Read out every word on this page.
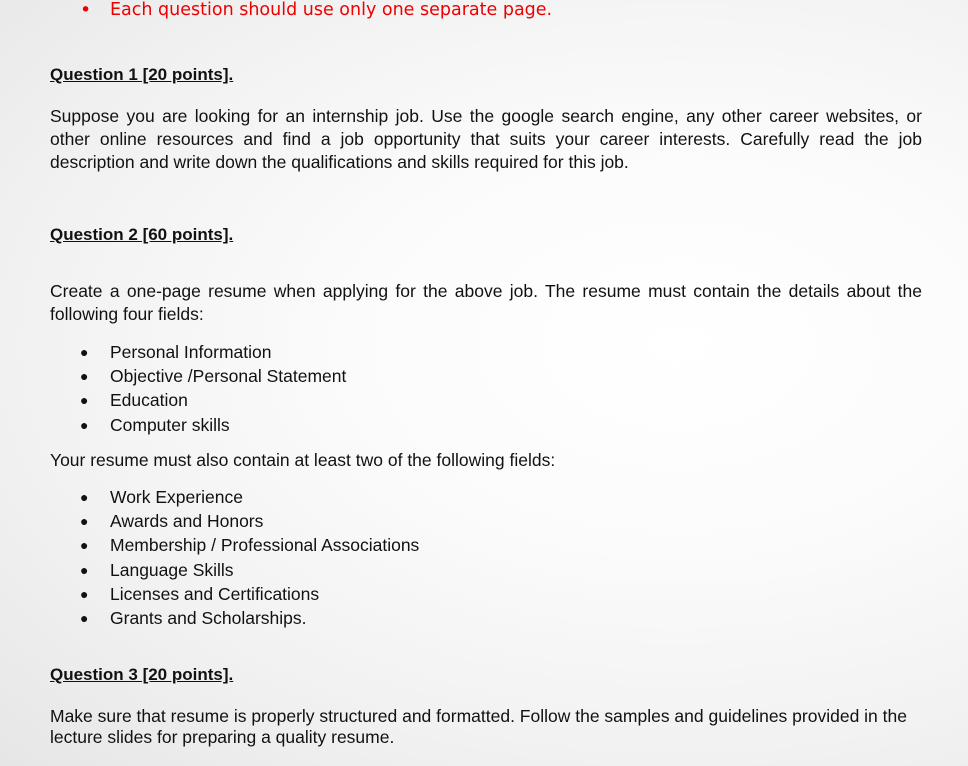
• Each question should use only one separate page.
Question 1 [20 points].
Suppose you are looking for an internship job. Use the google search engine, any other career websites, or other online resources and find a job opportunity that suits your career interests. Carefully read the job description and write down the qualifications and skills required for this job.
Question 2 [60 points].
Create a one-page resume when applying for the above job. The resume must contain the details about the following four fields:
● Personal Information
● Objective /Personal Statement
● Education
● Computer skills
Your resume must also contain at least two of the following fields:
● Work Experience
● Awards and Honors
● Membership / Professional Associations
● Language Skills
● Licenses and Certifications
● Grants and Scholarships.
Question 3 [20 points].
Make sure that resume is properly structured and formatted. Follow the samples and guidelines provided in the lecture slides for preparing a quality resume.
